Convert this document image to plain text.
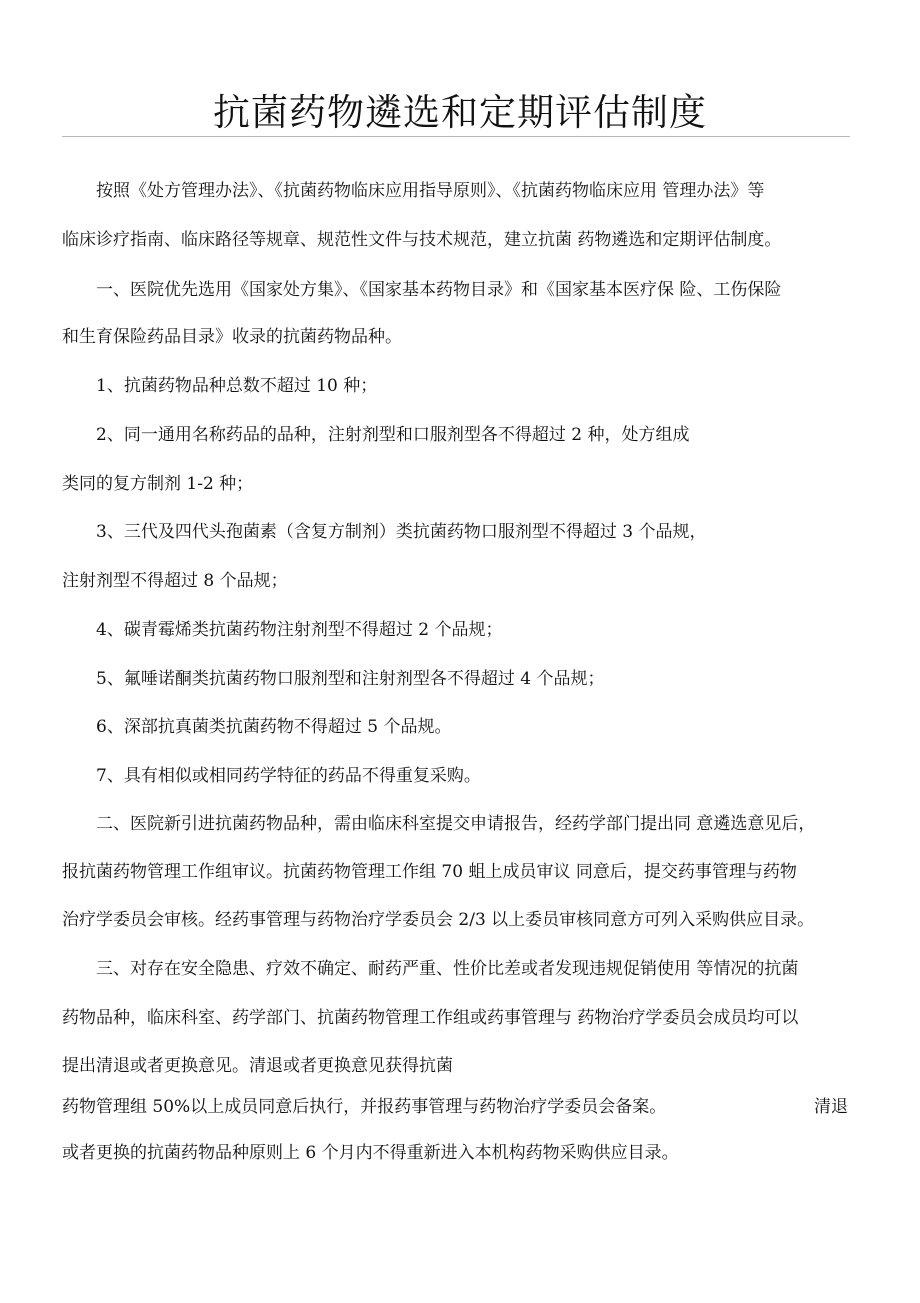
抗菌药物遴选和定期评估制度
按照《处方管理办法》、《抗菌药物临床应用指导原则》、《抗菌药物临床应用 管理办法》等
临床诊疗指南、临床路径等规章、规范性文件与技术规范，建立抗菌 药物遴选和定期评估制度。
一、医院优先选用《国家处方集》、《国家基本药物目录》和《国家基本医疗保 险、工伤保险
和生育保险药品目录》收录的抗菌药物品种。
1、抗菌药物品种总数不超过 10 种；
2、同一通用名称药品的品种，注射剂型和口服剂型各不得超过 2 种，处方组成
类同的复方制剂 1-2 种；
3、三代及四代头孢菌素（含复方制剂）类抗菌药物口服剂型不得超过 3 个品规，
注射剂型不得超过 8 个品规；
4、碳青霉烯类抗菌药物注射剂型不得超过 2 个品规；
5、氟唾诺酮类抗菌药物口服剂型和注射剂型各不得超过 4 个品规；
6、深部抗真菌类抗菌药物不得超过 5 个品规。
7、具有相似或相同药学特征的药品不得重复采购。
二、医院新引进抗菌药物品种，需由临床科室提交申请报告，经药学部门提出同 意遴选意见后，
报抗菌药物管理工作组审议。抗菌药物管理工作组 70 蛆上成员审议 同意后，提交药事管理与药物
治疗学委员会审核。经药事管理与药物治疗学委员会 2/3 以上委员审核同意方可列入采购供应目录。
三、对存在安全隐患、疗效不确定、耐药严重、性价比差或者发现违规促销使用 等情况的抗菌
药物品种，临床科室、药学部门、抗菌药物管理工作组或药事管理与 药物治疗学委员会成员均可以
提出清退或者更换意见。清退或者更换意见获得抗菌
药物管理组 50%以上成员同意后执行，并报药事管理与药物治疗学委员会备案。	清退
或者更换的抗菌药物品种原则上 6 个月内不得重新进入本机构药物采购供应目录。
